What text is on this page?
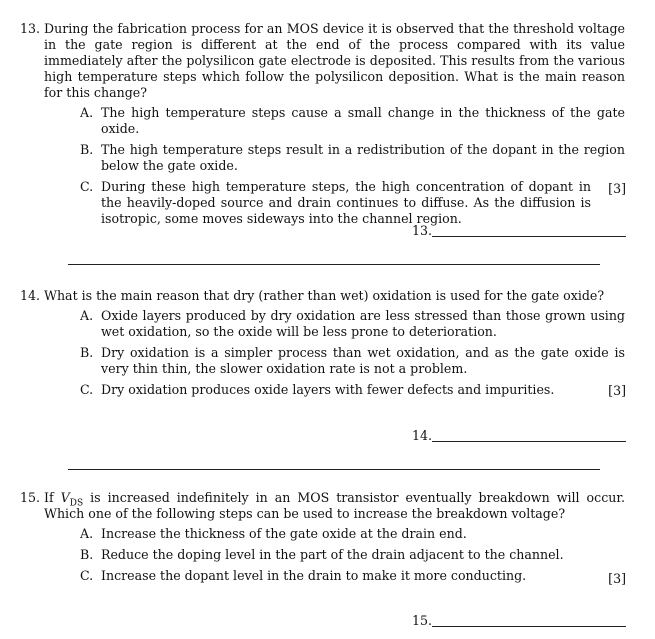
13. During the fabrication process for an MOS device it is observed that the threshold voltage in the gate region is different at the end of the process compared with its value immediately after the polysilicon gate electrode is deposited. This results from the various high temperature steps which follow the polysilicon deposition. What is the main reason for this change?
A. The high temperature steps cause a small change in the thickness of the gate oxide.
B. The high temperature steps result in a redistribution of the dopant in the region below the gate oxide.
C. During these high temperature steps, the high concentration of dopant in the heavily-doped source and drain continues to diffuse. As the diffusion is isotropic, some moves sideways into the channel region.
[3]
13.
14. What is the main reason that dry (rather than wet) oxidation is used for the gate oxide?
A. Oxide layers produced by dry oxidation are less stressed than those grown using wet oxidation, so the oxide will be less prone to deterioration.
B. Dry oxidation is a simpler process than wet oxidation, and as the gate oxide is very thin thin, the slower oxidation rate is not a problem.
C. Dry oxidation produces oxide layers with fewer defects and impurities.	[3]
14.
15. If $V_{DS}$ is increased indefinitely in an MOS transistor eventually breakdown will occur. Which one of the following steps can be used to increase the breakdown voltage?
A. Increase the thickness of the gate oxide at the drain end.
B. Reduce the doping level in the part of the drain adjacent to the channel.
C. Increase the dopant level in the drain to make it more conducting.	[3]
15.
